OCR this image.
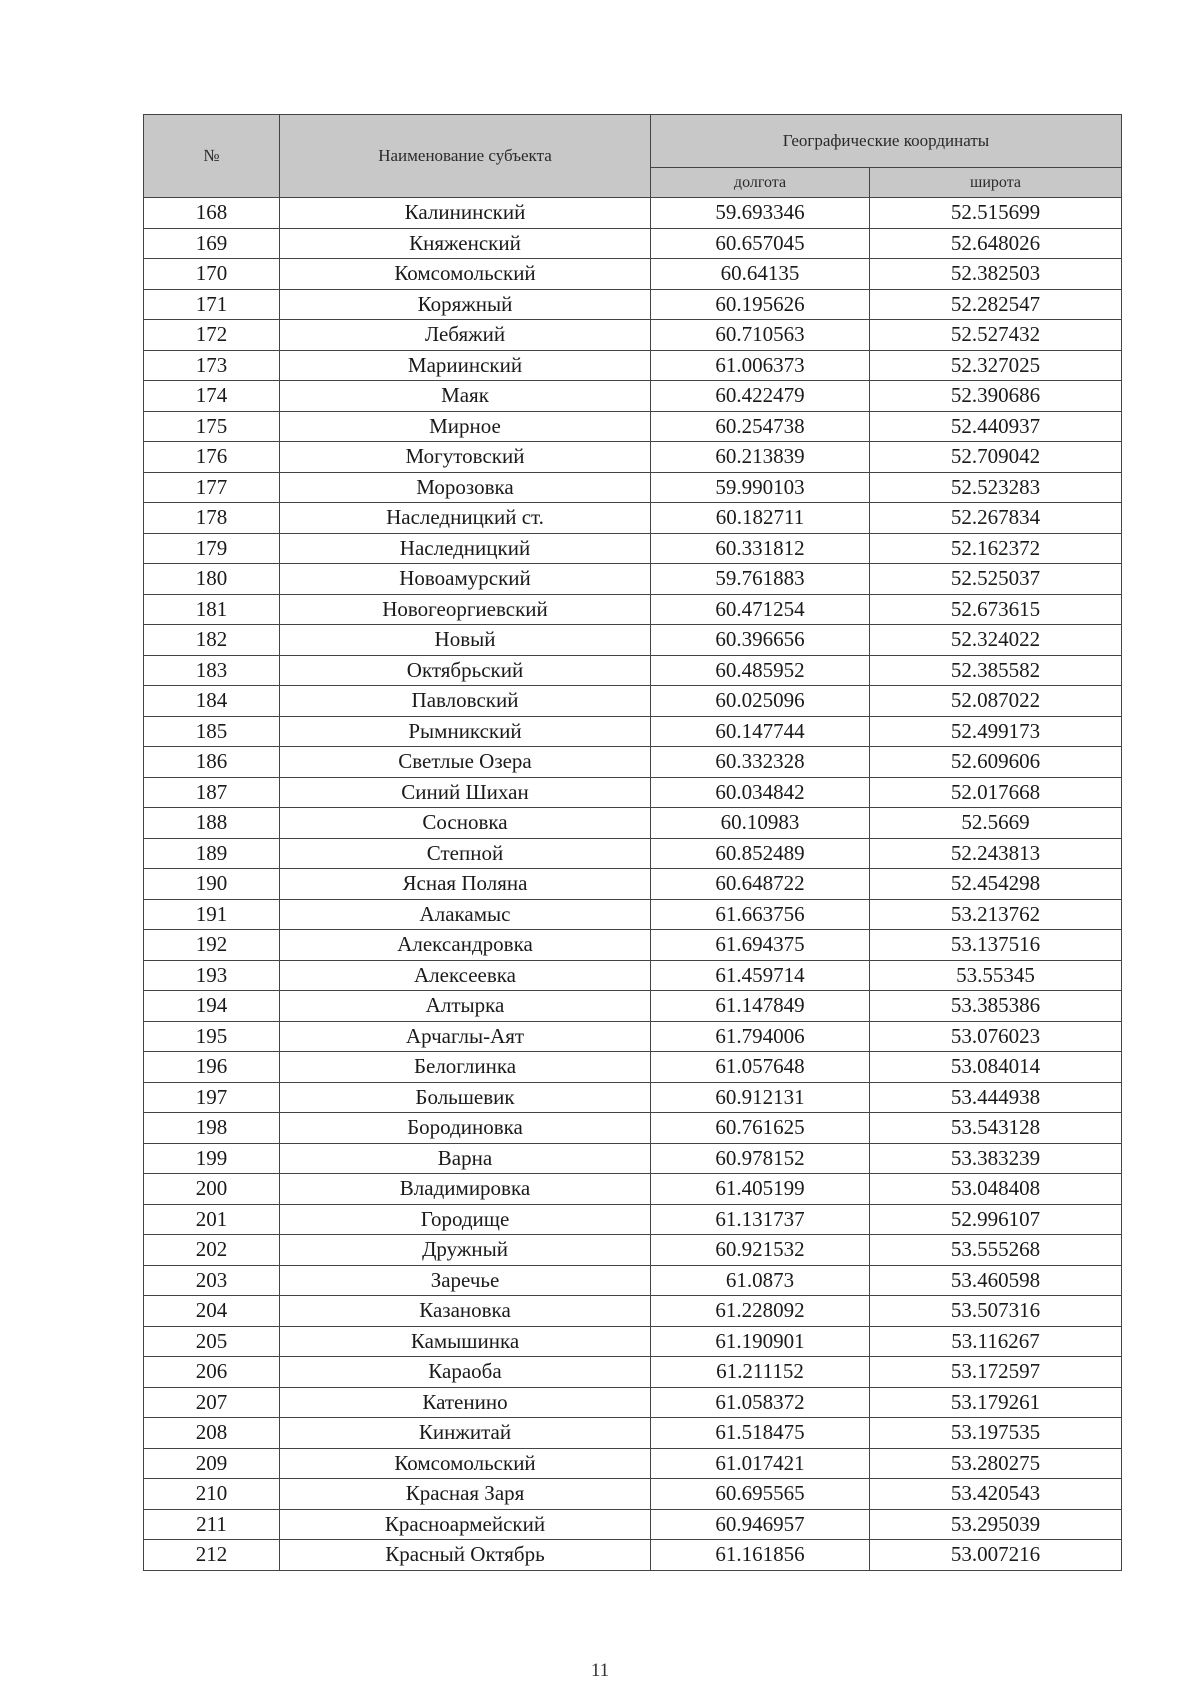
№	Наименование субъекта	Географические координаты	
		долгота	широта
168	Калининский	59.693346	52.515699
169	Княженский	60.657045	52.648026
170	Комсомольский	60.64135	52.382503
171	Коряжный	60.195626	52.282547
172	Лебяжий	60.710563	52.527432
173	Мариинский	61.006373	52.327025
174	Маяк	60.422479	52.390686
175	Мирное	60.254738	52.440937
176	Могутовский	60.213839	52.709042
177	Морозовка	59.990103	52.523283
178	Наследницкий ст.	60.182711	52.267834
179	Наследницкий	60.331812	52.162372
180	Новоамурский	59.761883	52.525037
181	Новогеоргиевский	60.471254	52.673615
182	Новый	60.396656	52.324022
183	Октябрьский	60.485952	52.385582
184	Павловский	60.025096	52.087022
185	Рымникский	60.147744	52.499173
186	Светлые Озера	60.332328	52.609606
187	Синий Шихан	60.034842	52.017668
188	Сосновка	60.10983	52.5669
189	Степной	60.852489	52.243813
190	Ясная Поляна	60.648722	52.454298
191	Алакамыс	61.663756	53.213762
192	Александровка	61.694375	53.137516
193	Алексеевка	61.459714	53.55345
194	Алтырка	61.147849	53.385386
195	Арчаглы-Аят	61.794006	53.076023
196	Белоглинка	61.057648	53.084014
197	Большевик	60.912131	53.444938
198	Бородиновка	60.761625	53.543128
199	Варна	60.978152	53.383239
200	Владимировка	61.405199	53.048408
201	Городище	61.131737	52.996107
202	Дружный	60.921532	53.555268
203	Заречье	61.0873	53.460598
204	Казановка	61.228092	53.507316
205	Камышинка	61.190901	53.116267
206	Караоба	61.211152	53.172597
207	Катенино	61.058372	53.179261
208	Кинжитай	61.518475	53.197535
209	Комсомольский	61.017421	53.280275
210	Красная Заря	60.695565	53.420543
211	Красноармейский	60.946957	53.295039
212	Красный Октябрь	61.161856	53.007216
11
